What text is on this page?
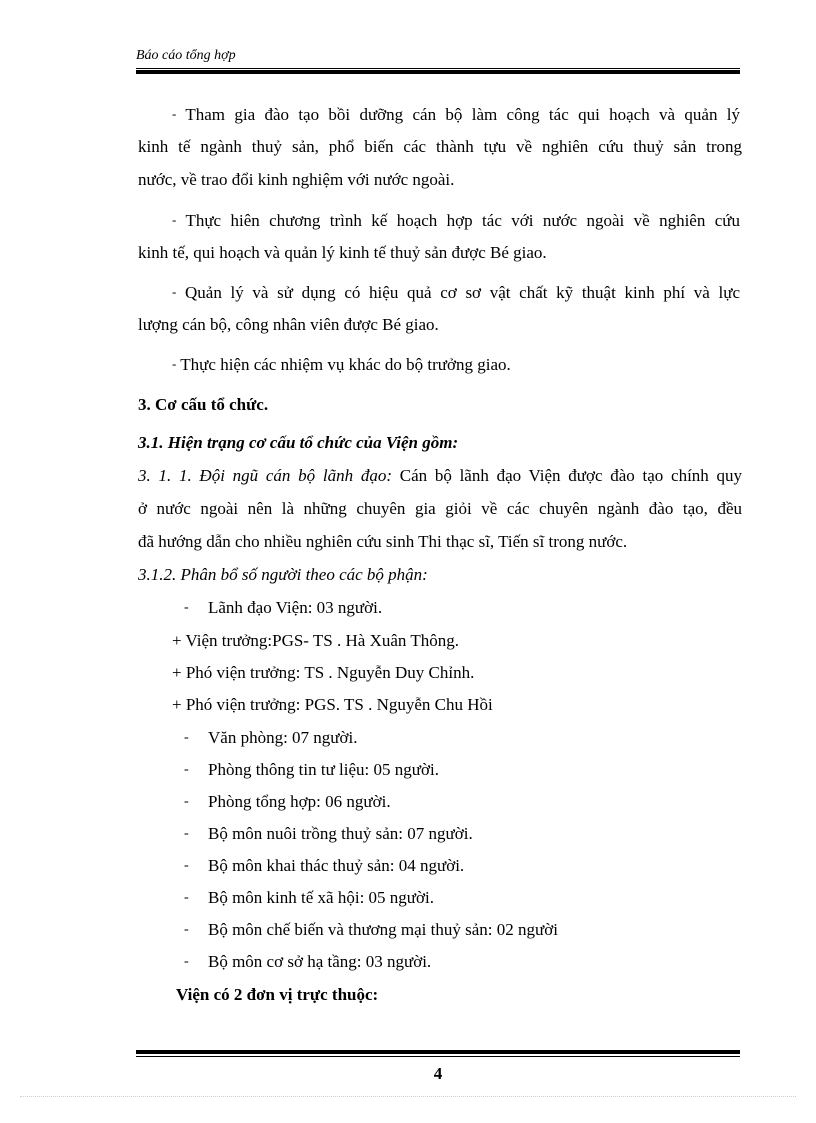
Báo cáo tổng hợp
- Tham gia đào tạo bồi dưỡng cán bộ làm công tác qui hoạch và quản lý
kinh tế ngành thuỷ sản, phổ biến các thành tựu về nghiên cứu thuỷ sản trong
nước, về trao đổi kinh nghiệm với nước ngoài.
- Thực hiên chương trình kế hoạch hợp tác với nước ngoài về nghiên cứu
kinh tế, qui hoạch và quản lý kinh tế thuỷ sản được Bé giao.
- Quản lý và sử dụng có hiệu quả cơ sơ vật chất kỹ thuật kinh phí và lực
lượng cán bộ, công nhân viên được Bé giao.
- Thực hiện các nhiệm vụ khác do bộ trưởng giao.
3. Cơ cấu tổ chức.
3.1. Hiện trạng cơ cấu tổ chức của Viện gồm:
3. 1. 1. Đội ngũ cán bộ lãnh đạo: Cán bộ lãnh đạo Viện được đào tạo chính quy
ở nước ngoài nên là những chuyên gia giỏi về các chuyên ngành đào tạo, đều
đã hướng dẫn cho nhiều nghiên cứu sinh Thi thạc sĩ, Tiến sĩ trong nước.
3.1.2. Phân bổ số người theo các bộ phận:
- Lãnh đạo Viện: 03 người.
+ Viện trưởng:PGS- TS . Hà Xuân Thông.
+ Phó viện trưởng: TS . Nguyễn Duy Chỉnh.
+ Phó viện trưởng: PGS. TS . Nguyễn Chu Hồi
- Văn phòng: 07 người.
- Phòng thông tin tư liệu: 05 người.
- Phòng tổng hợp: 06 người.
- Bộ môn nuôi trồng thuỷ sản: 07 người.
- Bộ môn khai thác thuỷ sản: 04 người.
- Bộ môn kinh tế xã hội: 05 người.
- Bộ môn chế biến và thương mại thuỷ sản: 02 người
- Bộ môn cơ sở hạ tầng: 03 người.
Viện có 2 đơn vị trực thuộc:
4
